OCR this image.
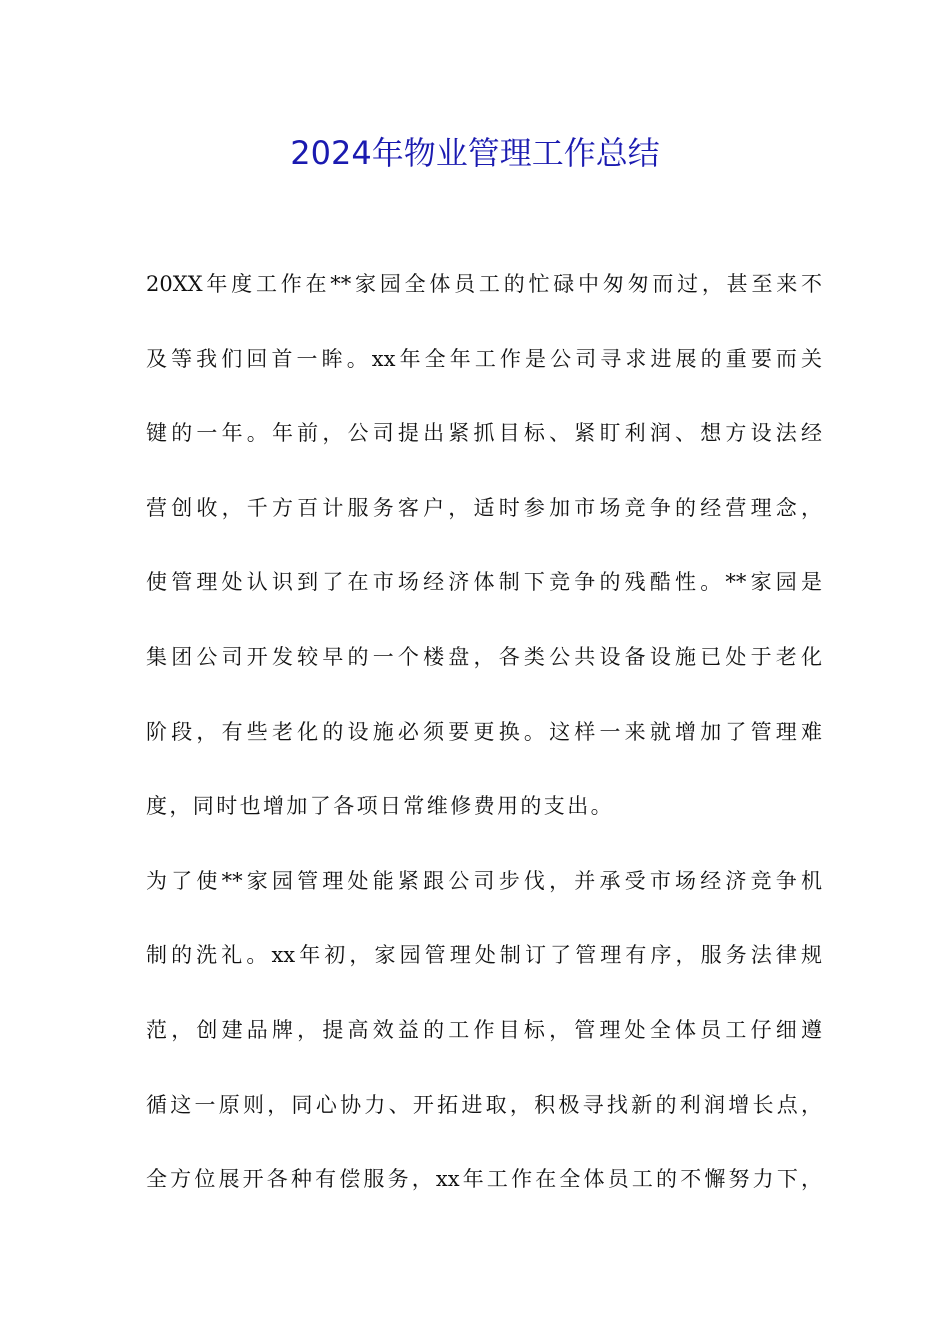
2024年物业管理工作总结
20XX年度工作在**家园全体员工的忙碌中匆匆而过，甚至来不
及等我们回首一眸。xx年全年工作是公司寻求进展的重要而关
键的一年。年前，公司提出紧抓目标、紧盯利润、想方设法经
营创收，千方百计服务客户，适时参加市场竞争的经营理念，
使管理处认识到了在市场经济体制下竞争的残酷性。**家园是
集团公司开发较早的一个楼盘，各类公共设备设施已处于老化
阶段，有些老化的设施必须要更换。这样一来就增加了管理难
度，同时也增加了各项日常维修费用的支出。
为了使**家园管理处能紧跟公司步伐，并承受市场经济竞争机
制的洗礼。xx年初，家园管理处制订了管理有序，服务法律规
范，创建品牌，提高效益的工作目标，管理处全体员工仔细遵
循这一原则，同心协力、开拓进取，积极寻找新的利润增长点，
全方位展开各种有偿服务，xx年工作在全体员工的不懈努力下，
